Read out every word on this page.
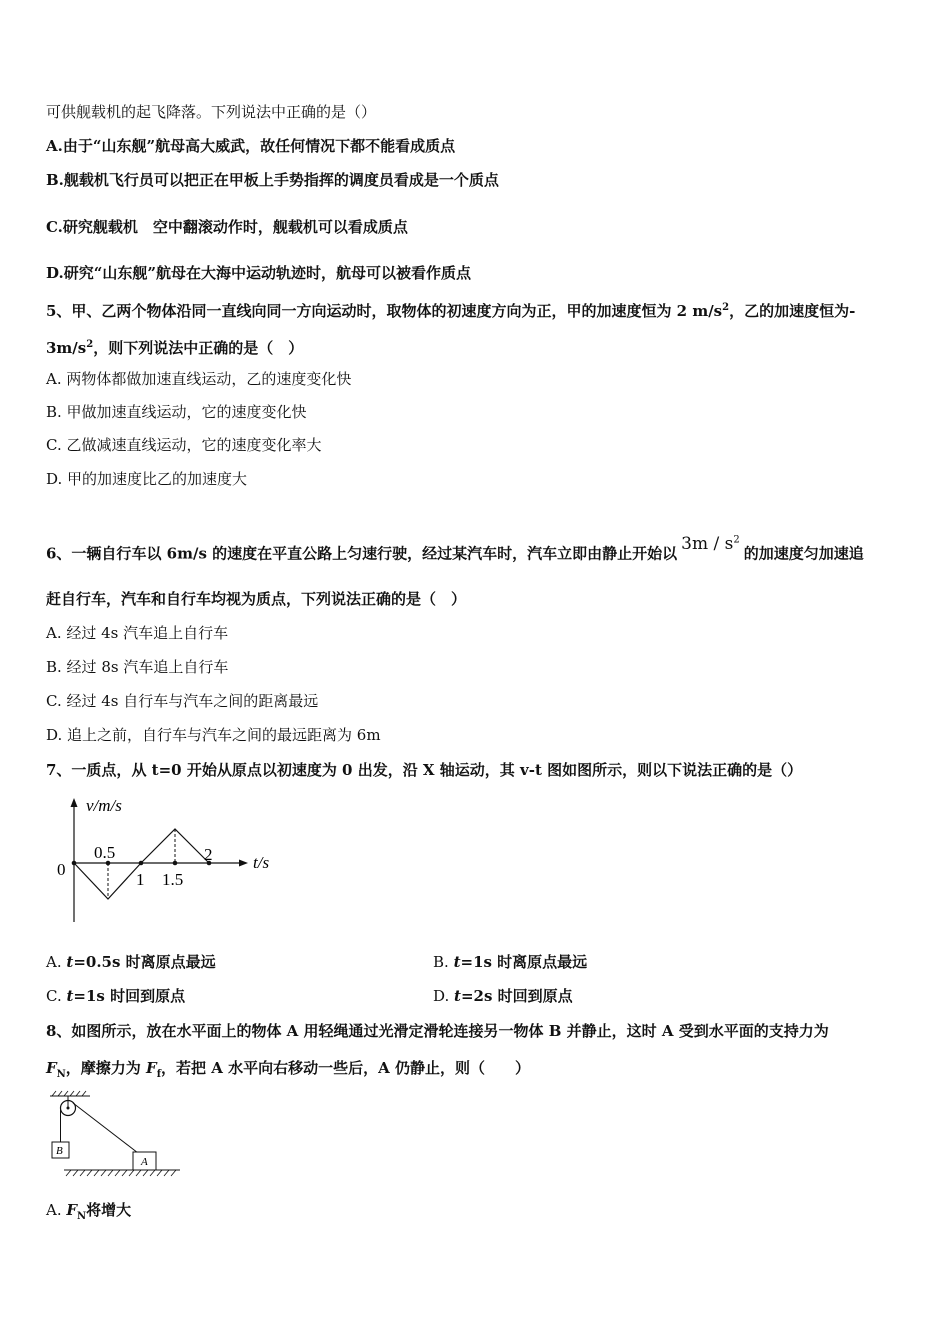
可供舰载机的起飞降落。下列说法中正确的是（）
A.由于“山东舰”航母高大威武，故任何情况下都不能看成质点
B.舰载机飞行员可以把正在甲板上手势指挥的调度员看成是一个质点
C.研究舰载机　空中翻滚动作时，舰载机可以看成质点
D.研究“山东舰”航母在大海中运动轨迹时，航母可以被看作质点
5、甲、乙两个物体沿同一直线向同一方向运动时，取物体的初速度方向为正，甲的加速度恒为 2 $m/s^2$，乙的加速度恒为-
$3m/s^2$，则下列说法中正确的是（　）
A. 两物体都做加速直线运动，乙的速度变化快
B. 甲做加速直线运动，它的速度变化快
C. 乙做减速直线运动，它的速度变化率大
D. 甲的加速度比乙的加速度大
6、一辆自行车以 6m/s 的速度在平直公路上匀速行驶，经过某汽车时，汽车立即由静止开始以 $3m / s^2$的加速度匀加速追
赶自行车，汽车和自行车均视为质点，下列说法正确的是（　）
A. 经过 4s 汽车追上自行车
B. 经过 8s 汽车追上自行车
C. 经过 4s 自行车与汽车之间的距离最远
D. 追上之前，自行车与汽车之间的最远距离为 6m
7、一质点，从 t=0 开始从原点以初速度为 0 出发，沿 X 轴运动，其 v-t 图如图所示，则以下说法正确的是（）
v/m/s
t/s
0
0.5
1 1.5
2
A. t=0.5s 时离原点最远	B. t=1s 时离原点最远
C. t=1s 时回到原点	D. t=2s 时回到原点
8、如图所示，放在水平面上的物体 A 用轻绳通过光滑定滑轮连接另一物体 B 并静止，这时 A 受到水平面的支持力为
$F_N$，摩擦力为 $F_f$，若把 A 水平向右移动一些后，A 仍静止，则（　　）
B
A
A. $F_N$将增大
